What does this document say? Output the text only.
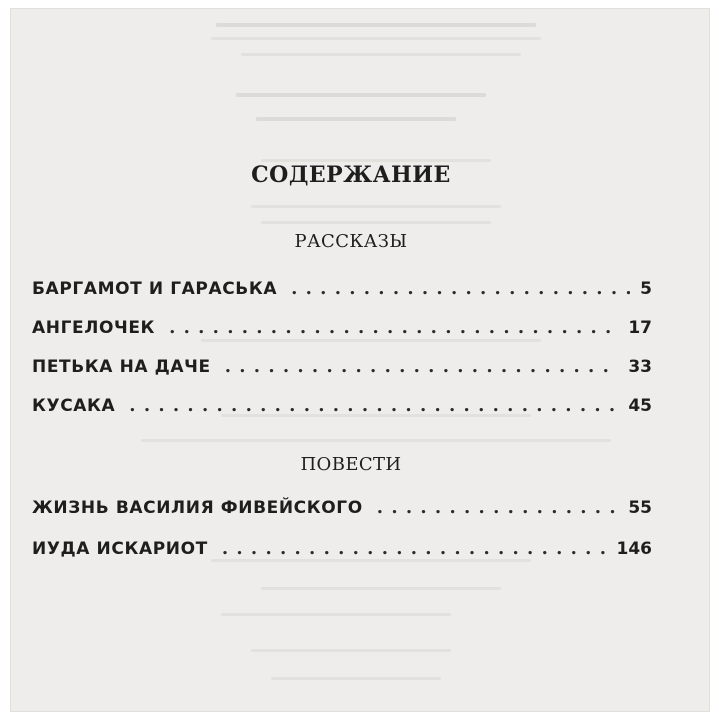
СОДЕРЖАНИЕ
РАССКАЗЫ
БАРГАМОТ И ГАРАСЬКА . . .	5
АНГЕЛОЧЕК . . .	17
ПЕТЬКА НА ДАЧЕ . . .	33
КУСАКА . . .	45
ПОВЕСТИ
ЖИЗНЬ ВАСИЛИЯ ФИВЕЙСКОГО . . .	55
ИУДА ИСКАРИОТ . . .	146
